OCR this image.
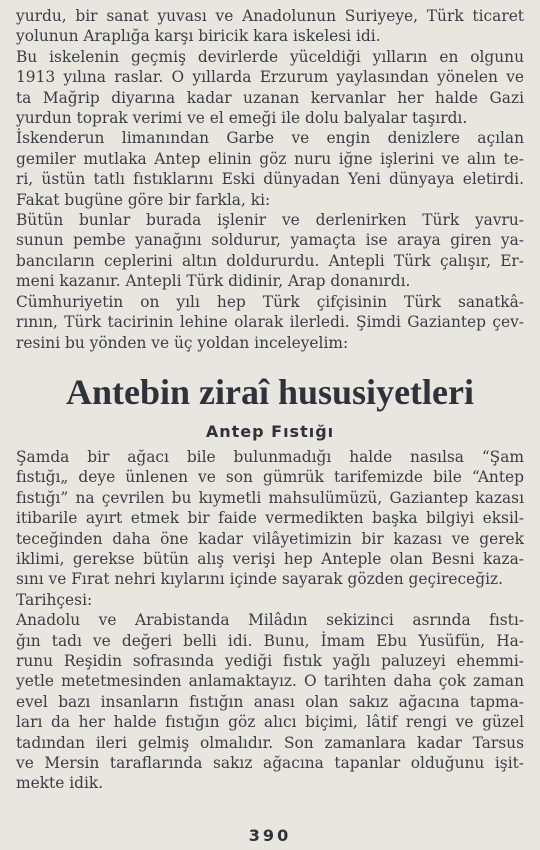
yurdu, bir sanat yuvası ve Anadolunun Suriyeye, Türk ticaret
yolunun Araplığa karşı biricik kara iskelesi idi.

Bu iskelenin geçmiş devirlerde yüceldiği yılların en olgunu
1913 yılına raslar. O yıllarda Erzurum yaylasından yönelen ve
ta Mağrip diyarına kadar uzanan kervanlar her halde Gazi
yurdun toprak verimi ve el emeği ile dolu balyalar taşırdı.

İskenderun limanından Garbe ve engin denizlere açılan
gemiler mutlaka Antep elinin göz nuru iğne işlerini ve alın te-
ri, üstün tatlı fıstıklarını Eski dünyadan Yeni dünyaya eletirdi.
Fakat bugüne göre bir farkla, ki:

Bütün bunlar burada işlenir ve derlenirken Türk yavru-
sunun pembe yanağını soldurur, yamaçta ise araya giren ya-
bancıların ceplerini altın doldururdu. Antepli Türk çalışır, Er-
meni kazanır. Antepli Türk didinir, Arap donanırdı.

Cümhuriyetin on yılı hep Türk çifçisinin Türk sanatkâ-
rının, Türk tacirinin lehine olarak ilerledi. Şimdi Gaziantep çev-
resini bu yönden ve üç yoldan inceleyelim:

Antebin ziraî hususiyetleri
Antep Fıstığı

Şamda bir ağacı bile bulunmadığı halde nasılsa “Şam
fıstığı„ deye ünlenen ve son gümrük tarifemizde bile “Antep
fıstığı” na çevrilen bu kıymetli mahsulümüzü, Gaziantep kazası
itibarile ayırt etmek bir faide vermedikten başka bilgiyi eksil-
teceğinden daha öne kadar vilâyetimizin bir kazası ve gerek
iklimi, gerekse bütün alış verişi hep Anteple olan Besni kaza-
sını ve Fırat nehri kıylarını içinde sayarak gözden geçireceğiz.

Tarihçesi:

Anadolu ve Arabistanda Milâdın sekizinci asrında fıstı-
ğın tadı ve değeri belli idi. Bunu, İmam Ebu Yusüfün, Ha-
runu Reşidin sofrasında yediği fıstık yağlı paluzeyi ehemmi-
yetle metetmesinden anlamaktayız. O tarihten daha çok zaman
evel bazı insanların fıstığın anası olan sakız ağacına tapma-
ları da her halde fıstığın göz alıcı biçimi, lâtif rengi ve güzel
tadından ileri gelmiş olmalıdır. Son zamanlara kadar Tarsus
ve Mersin taraflarında sakız ağacına tapanlar olduğunu işit-
mekte idik.

390
